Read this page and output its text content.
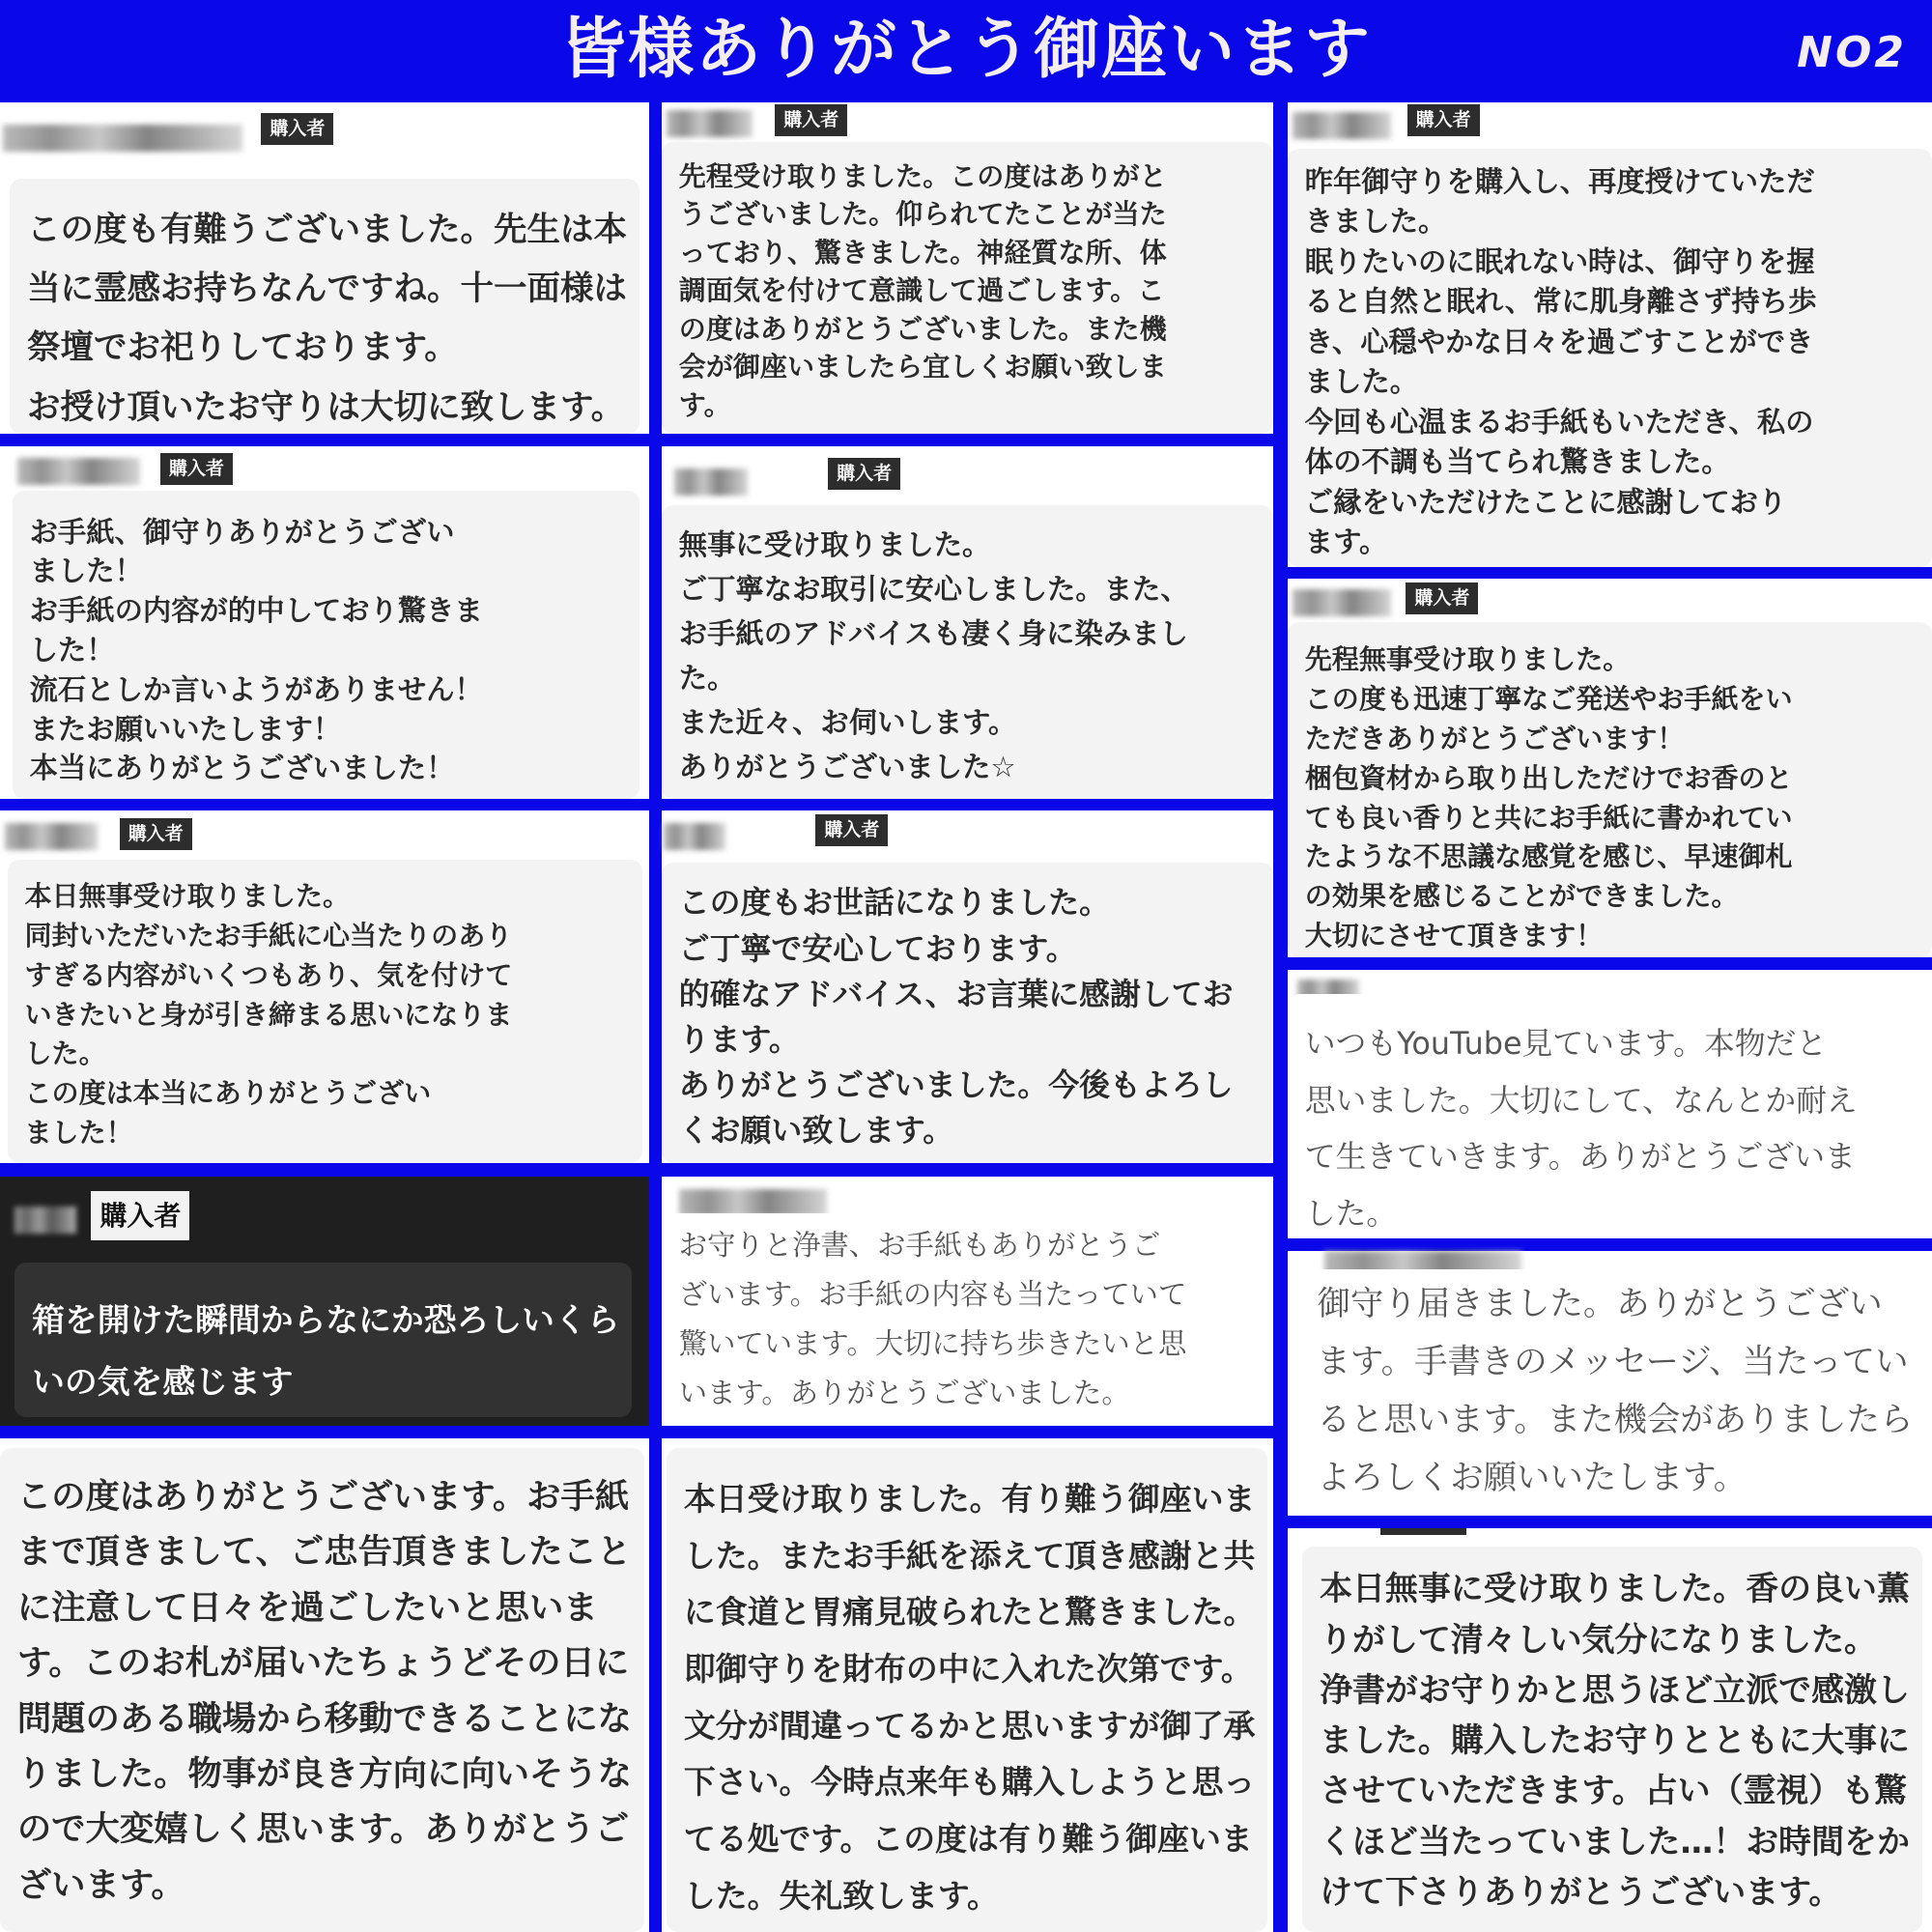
皆様ありがとう御座います	NO2
購入者
この度も有難うございました。先生は本
当に霊感お持ちなんですね。十一面様は
祭壇でお祀りしております。
お授け頂いたお守りは大切に致します。
購入者
お手紙、御守りありがとうござい
ました！
お手紙の内容が的中しており驚きま
した！
流石としか言いようがありません！
またお願いいたします！
本当にありがとうございました！
購入者
本日無事受け取りました。
同封いただいたお手紙に心当たりのあり
すぎる内容がいくつもあり、気を付けて
いきたいと身が引き締まる思いになりま
した。
この度は本当にありがとうござい
ました！
購入者
箱を開けた瞬間からなにか恐ろしいくら
いの気を感じます
この度はありがとうございます。お手紙
まで頂きまして、ご忠告頂きましたこと
に注意して日々を過ごしたいと思いま
す。このお札が届いたちょうどその日に
問題のある職場から移動できることにな
りました。物事が良き方向に向いそうな
ので大変嬉しく思います。ありがとうご
ざいます。
購入者
先程受け取りました。この度はありがと
うございました。仰られてたことが当た
っており、驚きました。神経質な所、体
調面気を付けて意識して過ごします。こ
の度はありがとうございました。また機
会が御座いましたら宜しくお願い致しま
す。
購入者
無事に受け取りました。
ご丁寧なお取引に安心しました。また、
お手紙のアドバイスも凄く身に染みまし
た。
また近々、お伺いします。
ありがとうございました☆
購入者
この度もお世話になりました。
ご丁寧で安心しております。
的確なアドバイス、お言葉に感謝してお
ります。
ありがとうございました。今後もよろし
くお願い致します。
お守りと浄書、お手紙もありがとうご
ざいます。お手紙の内容も当たっていて
驚いています。大切に持ち歩きたいと思
います。ありがとうございました。
本日受け取りました。有り難う御座いま
した。またお手紙を添えて頂き感謝と共
に食道と胃痛見破られたと驚きました。
即御守りを財布の中に入れた次第です。
文分が間違ってるかと思いますが御了承
下さい。今時点来年も購入しようと思っ
てる処です。この度は有り難う御座いま
した。失礼致します。
購入者
昨年御守りを購入し、再度授けていただ
きました。
眠りたいのに眠れない時は、御守りを握
ると自然と眠れ、常に肌身離さず持ち歩
き、心穏やかな日々を過ごすことができ
ました。
今回も心温まるお手紙もいただき、私の
体の不調も当てられ驚きました。
ご縁をいただけたことに感謝しており
ます。
購入者
先程無事受け取りました。
この度も迅速丁寧なご発送やお手紙をい
ただきありがとうございます！
梱包資材から取り出しただけでお香のと
ても良い香りと共にお手紙に書かれてい
たような不思議な感覚を感じ、早速御札
の効果を感じることができました。
大切にさせて頂きます！
いつもYouTube見ています。本物だと
思いました。大切にして、なんとか耐え
て生きていきます。ありがとうございま
した。
御守り届きました。ありがとうござい
ます。手書きのメッセージ、当たってい
ると思います。また機会がありましたら
よろしくお願いいたします。
本日無事に受け取りました。香の良い薫
りがして清々しい気分になりました。
浄書がお守りかと思うほど立派で感激し
ました。購入したお守りとともに大事に
させていただきます。占い（霊視）も驚
くほど当たっていました…！お時間をか
けて下さりありがとうございます。
